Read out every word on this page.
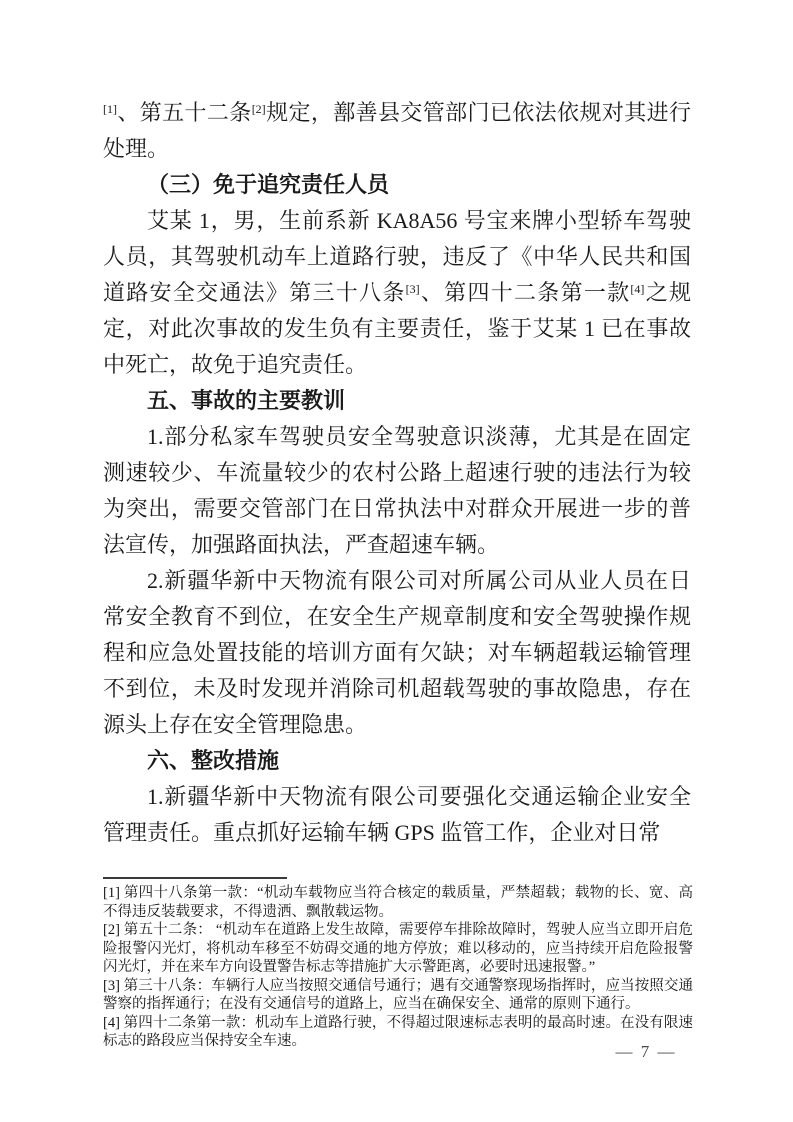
[1]、第五十二条[2]规定，鄯善县交管部门已依法依规对其进行处理。

（三）免于追究责任人员

艾某 1，男，生前系新 KA8A56 号宝来牌小型轿车驾驶人员，其驾驶机动车上道路行驶，违反了《中华人民共和国道路安全交通法》第三十八条[3]、第四十二条第一款[4]之规定，对此次事故的发生负有主要责任，鉴于艾某 1 已在事故中死亡，故免于追究责任。

五、事故的主要教训

1.部分私家车驾驶员安全驾驶意识淡薄，尤其是在固定测速较少、车流量较少的农村公路上超速行驶的违法行为较为突出，需要交管部门在日常执法中对群众开展进一步的普法宣传，加强路面执法，严查超速车辆。

2.新疆华新中天物流有限公司对所属公司从业人员在日常安全教育不到位，在安全生产规章制度和安全驾驶操作规程和应急处置技能的培训方面有欠缺；对车辆超载运输管理不到位，未及时发现并消除司机超载驾驶的事故隐患，存在源头上存在安全管理隐患。

六、整改措施

1.新疆华新中天物流有限公司要强化交通运输企业安全管理责任。重点抓好运输车辆 GPS 监管工作，企业对日常

[1] 第四十八条第一款：“机动车载物应当符合核定的载质量，严禁超载；载物的长、宽、高不得违反装载要求，不得遗洒、飘散载运物。
[2] 第五十二条： “机动车在道路上发生故障，需要停车排除故障时，驾驶人应当立即开启危险报警闪光灯，将机动车移至不妨碍交通的地方停放；难以移动的，应当持续开启危险报警闪光灯，并在来车方向设置警告标志等措施扩大示警距离，必要时迅速报警。”
[3] 第三十八条：车辆行人应当按照交通信号通行；遇有交通警察现场指挥时，应当按照交通警察的指挥通行；在没有交通信号的道路上，应当在确保安全、通常的原则下通行。
[4] 第四十二条第一款：机动车上道路行驶，不得超过限速标志表明的最高时速。在没有限速标志的路段应当保持安全车速。
— 7 —
